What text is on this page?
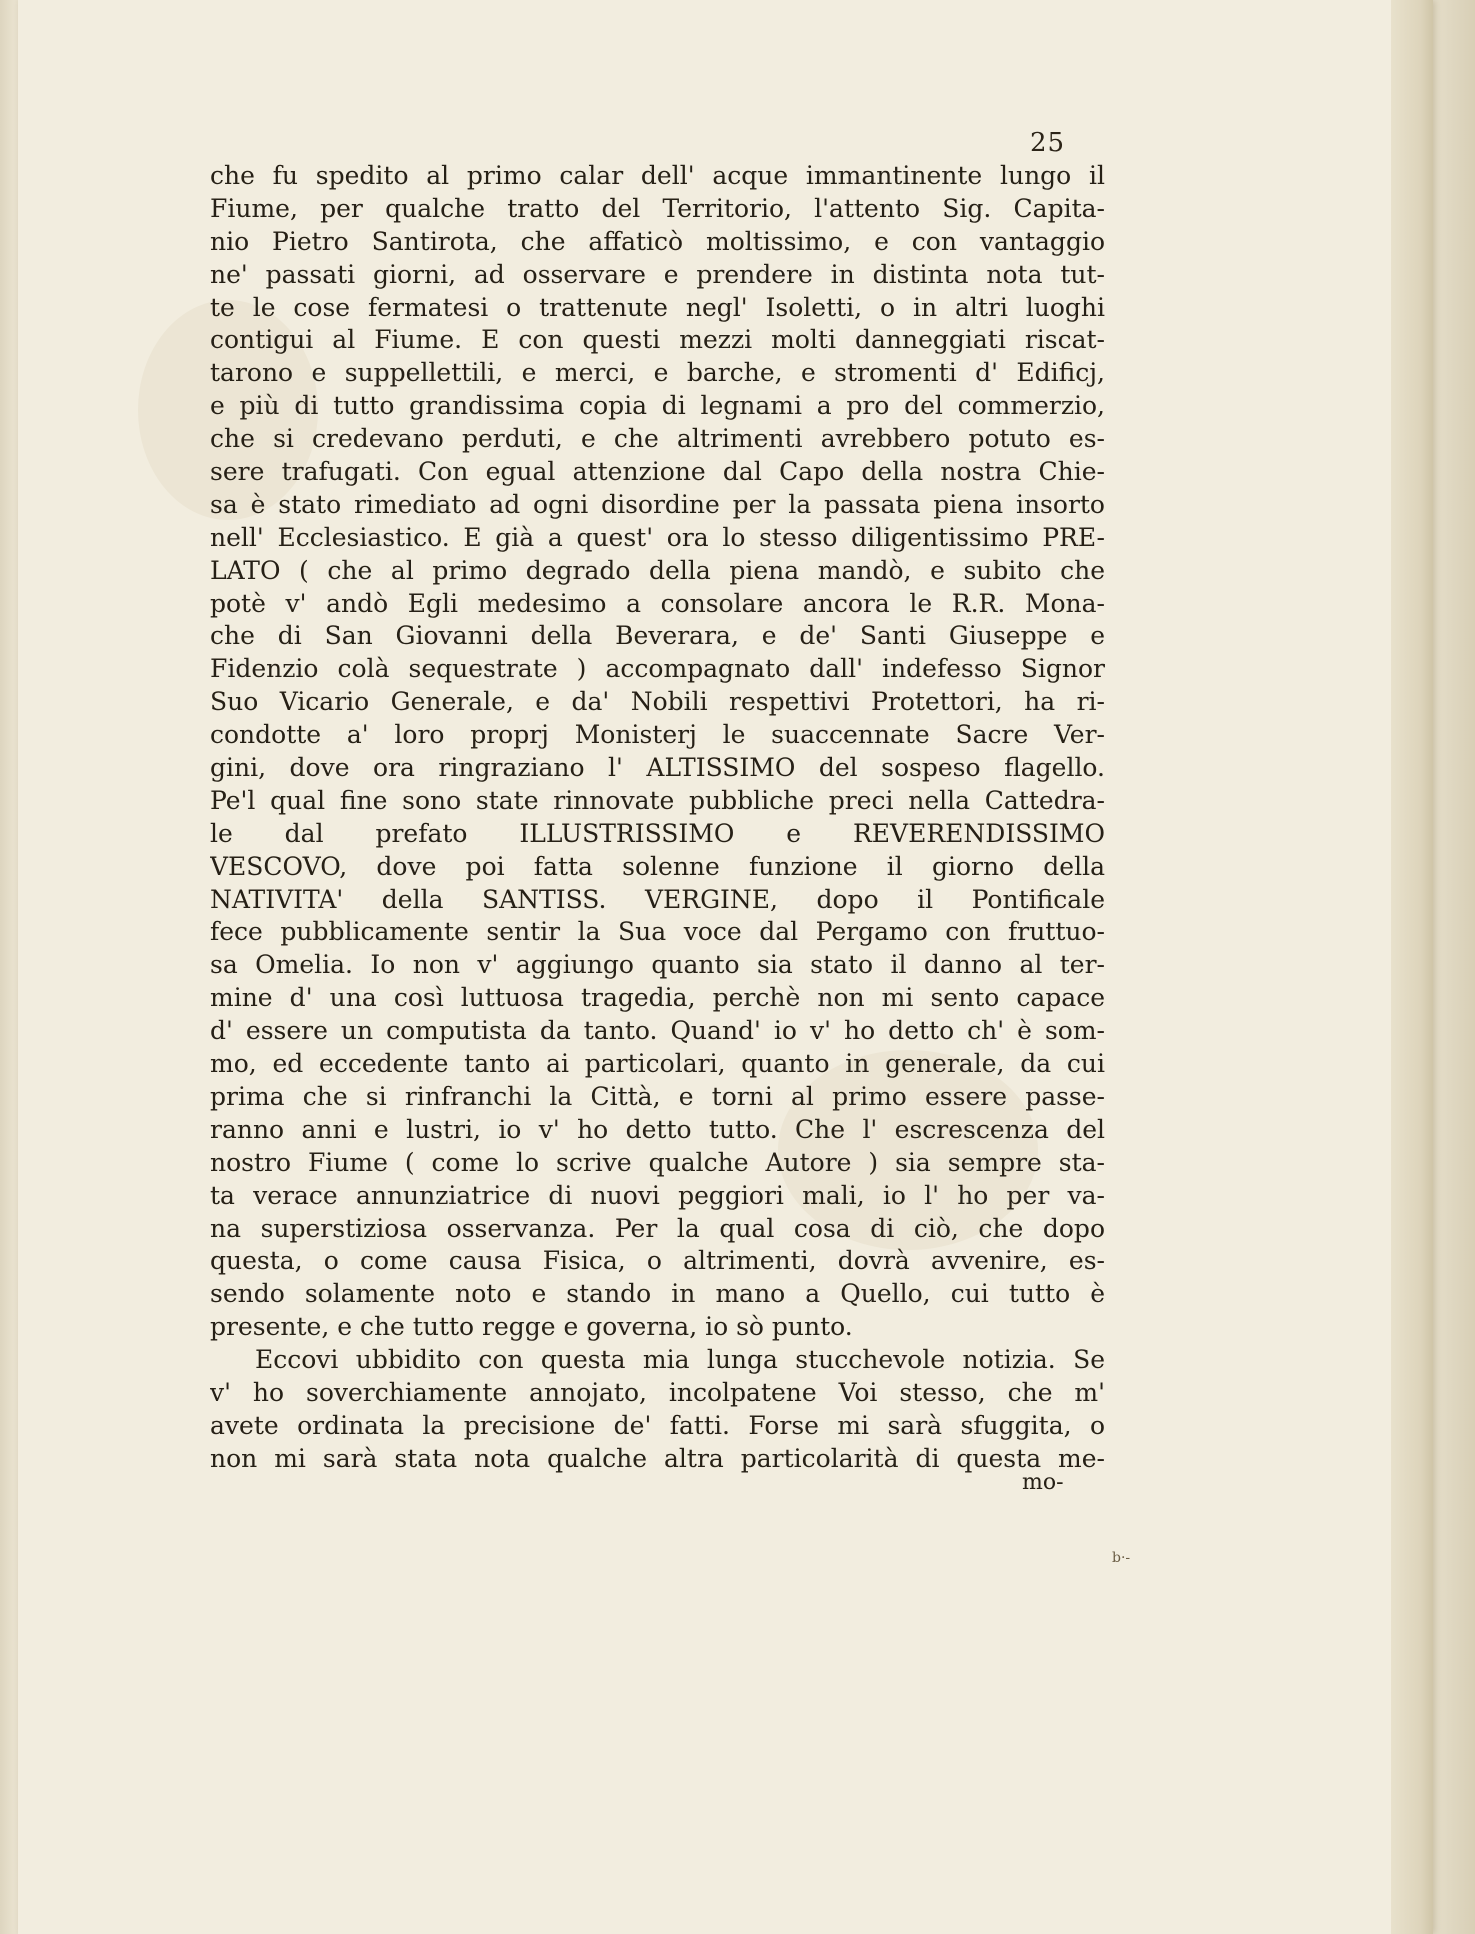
25
che fu spedito al primo calar dell' acque immantinente lungo il
Fiume, per qualche tratto del Territorio, l'attento Sig. Capita-
nio Pietro Santirota, che affaticò moltissimo, e con vantaggio
ne' passati giorni, ad osservare e prendere in distinta nota tut-
te le cose fermatesi o trattenute negl' Isoletti, o in altri luoghi
contigui al Fiume. E con questi mezzi molti danneggiati riscat-
tarono e suppellettili, e merci, e barche, e stromenti d' Edificj,
e più di tutto grandissima copia di legnami a pro del commerzio,
che si credevano perduti, e che altrimenti avrebbero potuto es-
sere trafugati. Con egual attenzione dal Capo della nostra Chie-
sa è stato rimediato ad ogni disordine per la passata piena insorto
nell' Ecclesiastico. E già a quest' ora lo stesso diligentissimo PRE-
LATO ( che al primo degrado della piena mandò, e subito che
potè v' andò Egli medesimo a consolare ancora le R.R. Mona-
che di San Giovanni della Beverara, e de' Santi Giuseppe e
Fidenzio colà sequestrate ) accompagnato dall' indefesso Signor
Suo Vicario Generale, e da' Nobili respettivi Protettori, ha ri-
condotte a' loro proprj Monisterj le suaccennate Sacre Ver-
gini, dove ora ringraziano l' ALTISSIMO del sospeso flagello.
Pe'l qual fine sono state rinnovate pubbliche preci nella Cattedra-
le dal prefato ILLUSTRISSIMO e REVERENDISSIMO
VESCOVO, dove poi fatta solenne funzione il giorno della
NATIVITA' della SANTISS. VERGINE, dopo il Pontificale
fece pubblicamente sentir la Sua voce dal Pergamo con fruttuo-
sa Omelia. Io non v' aggiungo quanto sia stato il danno al ter-
mine d' una così luttuosa tragedia, perchè non mi sento capace
d' essere un computista da tanto. Quand' io v' ho detto ch' è som-
mo, ed eccedente tanto ai particolari, quanto in generale, da cui
prima che si rinfranchi la Città, e torni al primo essere passe-
ranno anni e lustri, io v' ho detto tutto. Che l' escrescenza del
nostro Fiume ( come lo scrive qualche Autore ) sia sempre sta-
ta verace annunziatrice di nuovi peggiori mali, io l' ho per va-
na superstiziosa osservanza. Per la qual cosa di ciò, che dopo
questa, o come causa Fisica, o altrimenti, dovrà avvenire, es-
sendo solamente noto e stando in mano a Quello, cui tutto è
presente, e che tutto regge e governa, io sò punto.
Eccovi ubbidito con questa mia lunga stucchevole notizia. Se
v' ho soverchiamente annojato, incolpatene Voi stesso, che m'
avete ordinata la precisione de' fatti. Forse mi sarà sfuggita, o
non mi sarà stata nota qualche altra particolarità di questa me-
mo-
b·-
